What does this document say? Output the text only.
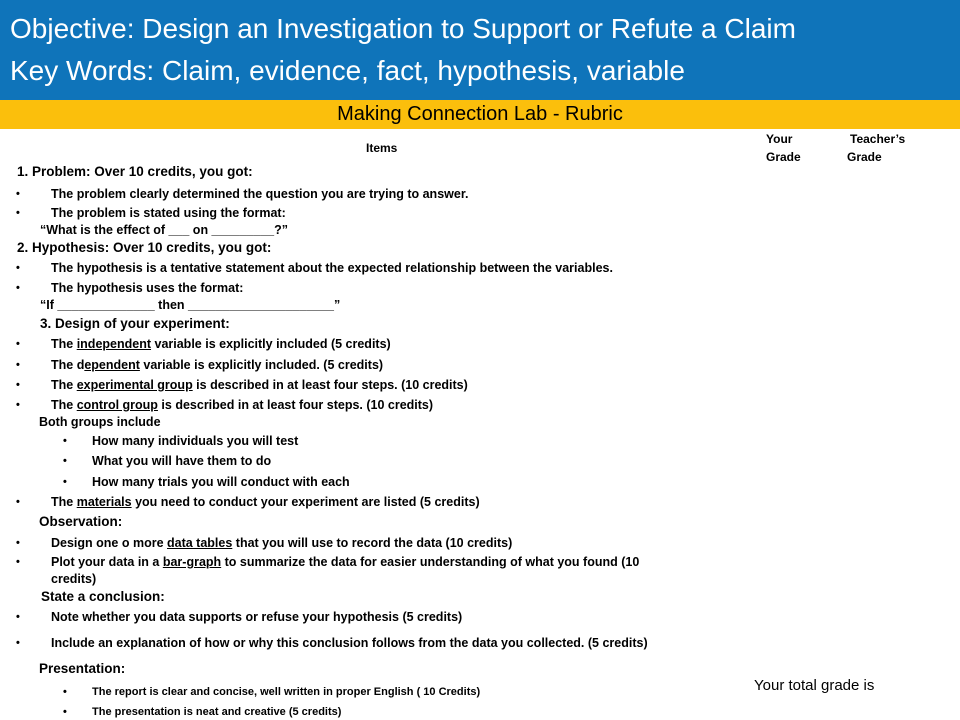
Objective: Design an Investigation to Support or Refute a Claim
Key Words: Claim, evidence, fact, hypothesis, variable
Making Connection Lab - Rubric
Items
Your
Grade
Teacher’s
Grade
1. Problem: Over 10 credits, you got:
• The problem clearly determined the question you are trying to answer.
• The problem is stated using the format:
“What is the effect of ___ on _________?”
2. Hypothesis: Over 10 credits, you got:
• The hypothesis is a tentative statement about the expected relationship between the variables.
• The hypothesis uses the format:
“If ______________ then _____________________”
3. Design of your experiment:
• The independent variable is explicitly included (5 credits)
• The dependent variable is explicitly included. (5 credits)
• The experimental group is described in at least four steps. (10 credits)
• The control group is described in at least four steps. (10 credits)
Both groups include
• How many individuals you will test
• What you will have them to do
• How many trials you will conduct with each
• The materials you need to conduct your experiment are listed (5 credits)
Observation:
• Design one o more data tables that you will use to record the data (10 credits)
• Plot your data in a bar-graph to summarize the data for easier understanding of what you found (10
credits)
State a conclusion:
• Note whether you data supports or refuse your hypothesis (5 credits)
• Include an explanation of how or why this conclusion follows from the data you collected. (5 credits)
Presentation:
• The report is clear and concise, well written in proper English ( 10 Credits)
• The presentation is neat and creative (5 credits)
Your total grade is
